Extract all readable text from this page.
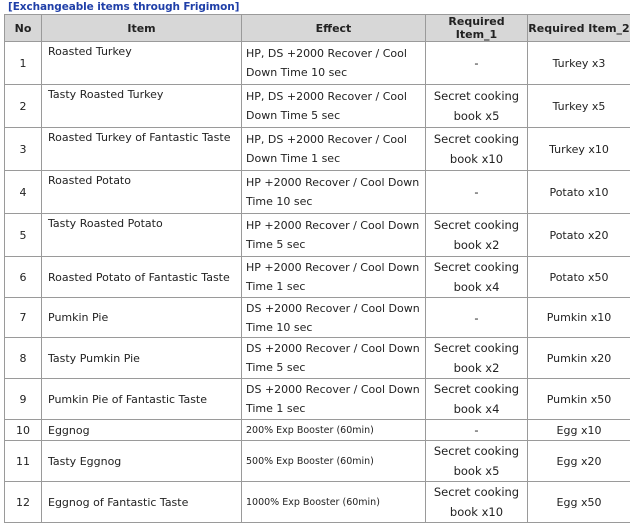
[Exchangeable items through Frigimon]
No	Item	Effect	Required Item_1	Required Item_2
1	Roasted Turkey	HP, DS +2000 Recover / Cool Down Time 10 sec	-	Turkey x3
2	Tasty Roasted Turkey	HP, DS +2000 Recover / Cool Down Time 5 sec	Secret cooking book x5	Turkey x5
3	Roasted Turkey of Fantastic Taste	HP, DS +2000 Recover / Cool Down Time 1 sec	Secret cooking book x10	Turkey x10
4	Roasted Potato	HP +2000 Recover / Cool Down Time 10 sec	-	Potato x10
5	Tasty Roasted Potato	HP +2000 Recover / Cool Down Time 5 sec	Secret cooking book x2	Potato x20
6	Roasted Potato of Fantastic Taste	HP +2000 Recover / Cool Down Time 1 sec	Secret cooking book x4	Potato x50
7	Pumkin Pie	DS +2000 Recover / Cool Down Time 10 sec	-	Pumkin x10
8	Tasty Pumkin Pie	DS +2000 Recover / Cool Down Time 5 sec	Secret cooking book x2	Pumkin x20
9	Pumkin Pie of Fantastic Taste	DS +2000 Recover / Cool Down Time 1 sec	Secret cooking book x4	Pumkin x50
10	Eggnog	200% Exp Booster (60min)	-	Egg x10
11	Tasty Eggnog	500% Exp Booster (60min)	Secret cooking book x5	Egg x20
12	Eggnog of Fantastic Taste	1000% Exp Booster (60min)	Secret cooking book x10	Egg x50
